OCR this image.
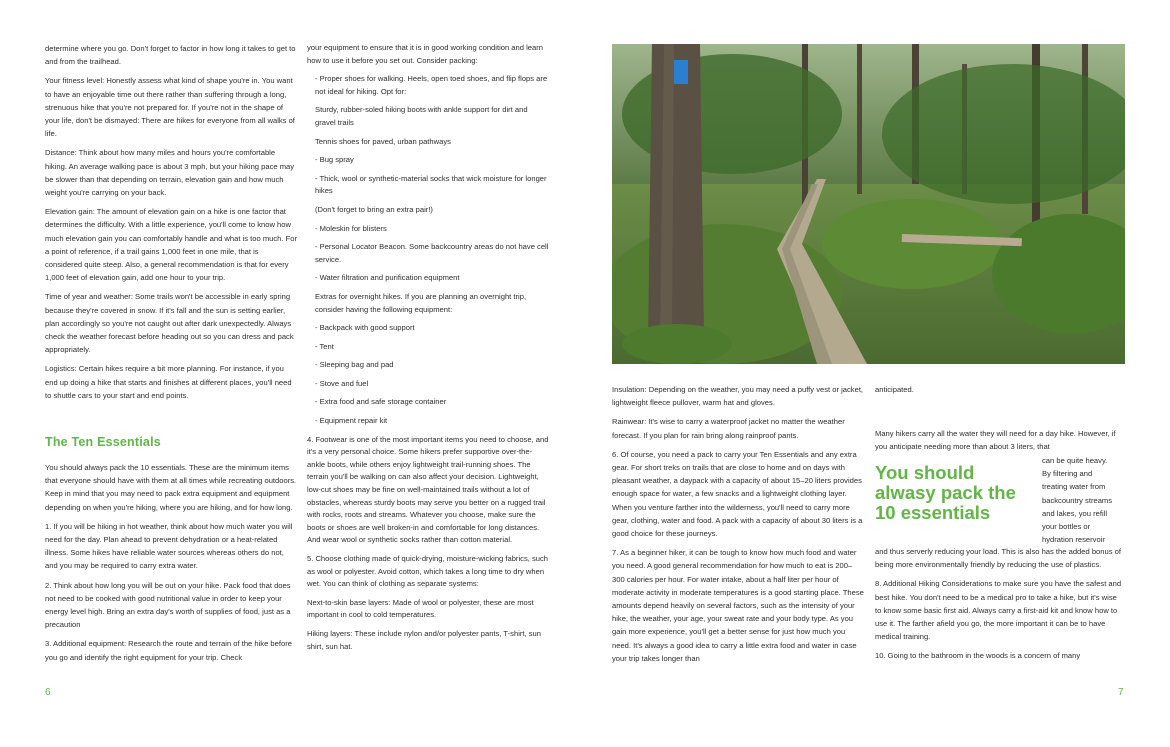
determine where you go. Don't forget to factor in how long it takes to get to and from the trailhead.

Your fitness level: Honestly assess what kind of shape you're in. You want to have an enjoyable time out there rather than suffering through a long, strenuous hike that you're not prepared for. If you're not in the shape of your life, don't be dismayed: There are hikes for everyone from all walks of life.

Distance: Think about how many miles and hours you're comfortable hiking. An average walking pace is about 3 mph, but your hiking pace may be slower than that depending on terrain, elevation gain and how much weight you're carrying on your back.

Elevation gain: The amount of elevation gain on a hike is one factor that determines the difficulty. With a little experience, you'll come to know how much elevation gain you can comfortably handle and what is too much. For a point of reference, if a trail gains 1,000 feet in one mile, that is considered quite steep. Also, a general recommendation is that for every 1,000 feet of elevation gain, add one hour to your trip.

Time of year and weather: Some trails won't be accessible in early spring because they're covered in snow. If it's fall and the sun is setting earlier, plan accordingly so you're not caught out after dark unexpectedly. Always check the weather forecast before heading out so you can dress and pack appropriately.

Logistics: Certain hikes require a bit more planning. For instance, if you end up doing a hike that starts and finishes at different places, you'll need to shuttle cars to your start and end points.

The Ten Essentials

You should always pack the 10 essentials. These are the minimum items that everyone should have with them at all times while recreating outdoors. Keep in mind that you may need to pack extra equipment and equipment depending on when you're hiking, where you are hiking, and for how long.

1. If you will be hiking in hot weather, think about how much water you will need for the day. Plan ahead to prevent dehydration or a heat-related illness. Some hikes have reliable water sources whereas others do not, and you may be required to carry extra water.

2. Think about how long you will be out on your hike. Pack food that does not need to be cooked with good nutritional value in order to keep your energy level high. Bring an extra day's worth of supplies of food, just as a precaution

3. Additional equipment: Research the route and terrain of the hike before you go and identify the right equipment for your trip. Check

your equipment to ensure that it is in good working condition and learn how to use it before you set out. Consider packing:

- Proper shoes for walking. Heels, open toed shoes, and flip flops are not ideal for hiking. Opt for:

Sturdy, rubber-soled hiking boots with ankle support for dirt and gravel trails

Tennis shoes for paved, urban pathways

- Bug spray

- Thick, wool or synthetic-material socks that wick moisture for longer hikes

(Don't forget to bring an extra pair!)

- Moleskin for blisters

- Personal Locator Beacon. Some backcountry areas do not have cell service.

- Water filtration and purification equipment

Extras for overnight hikes. If you are planning an overnight trip, consider having the following equipment:

- Backpack with good support

- Tent

- Sleeping bag and pad

- Stove and fuel

- Extra food and safe storage container

- Equipment repair kit

4. Footwear is one of the most important items you need to choose, and it's a very personal choice. Some hikers prefer supportive over-the-ankle boots, while others enjoy lightweight trail-running shoes. The terrain you'll be walking on can also affect your decision. Lightweight, low-cut shoes may be fine on well-maintained trails without a lot of obstacles, whereas sturdy boots may serve you better on a rugged trail with rocks, roots and streams. Whatever you choose, make sure the boots or shoes are well broken-in and comfortable for long distances. And wear wool or synthetic socks rather than cotton material.

5. Choose clothing made of quick-drying, moisture-wicking fabrics, such as wool or polyester. Avoid cotton, which takes a long time to dry when wet. You can think of clothing as separate systems:

Next-to-skin base layers: Made of wool or polyester, these are most important in cool to cold temperatures.

Hiking layers: These include nylon and/or polyester pants, T-shirt, sun shirt, sun hat.

6

Insulation: Depending on the weather, you may need a puffy vest or jacket, lightweight fleece pullover, warm hat and gloves.

Rainwear: It's wise to carry a waterproof jacket no matter the weather forecast. If you plan for rain bring along rainproof pants.

6. Of course, you need a pack to carry your Ten Essentials and any extra gear. For short treks on trails that are close to home and on days with pleasant weather, a daypack with a capacity of about 15–20 liters provides enough space for water, a few snacks and a lightweight clothing layer. When you venture farther into the wilderness, you'll need to carry more gear, clothing, water and food. A pack with a capacity of about 30 liters is a good choice for these journeys.

7. As a beginner hiker, it can be tough to know how much food and water you need. A good general recommendation for how much to eat is 200–300 calories per hour. For water intake, about a half liter per hour of moderate activity in moderate temperatures is a good starting place. These amounts depend heavily on several factors, such as the intensity of your hike, the weather, your age, your sweat rate and your body type. As you gain more experience, you'll get a better sense for just how much you need. It's always a good idea to carry a little extra food and water in case your trip takes longer than

anticipated.

Many hikers carry all the water they will need for a day hike. However, if you anticipate needing more than about 3 liters, that

You should alwasy pack the 10 essentials
can be quite heavy.
By filtering and
treating water from
backcountry streams
and lakes, you refill
your bottles or
hydration reservoir

and thus serverly reducing your load. This is also has the added bonus of being more environmentally friendly by reducing the use of plastics.

8. Additional Hiking Considerations to make sure you have the safest and best hike. You don't need to be a medical pro to take a hike, but it's wise to know some basic first aid. Always carry a first-aid kit and know how to use it. The farther afield you go, the more important it can be to have medical training.

10. Going to the bathroom in the woods is a concern of many

7
